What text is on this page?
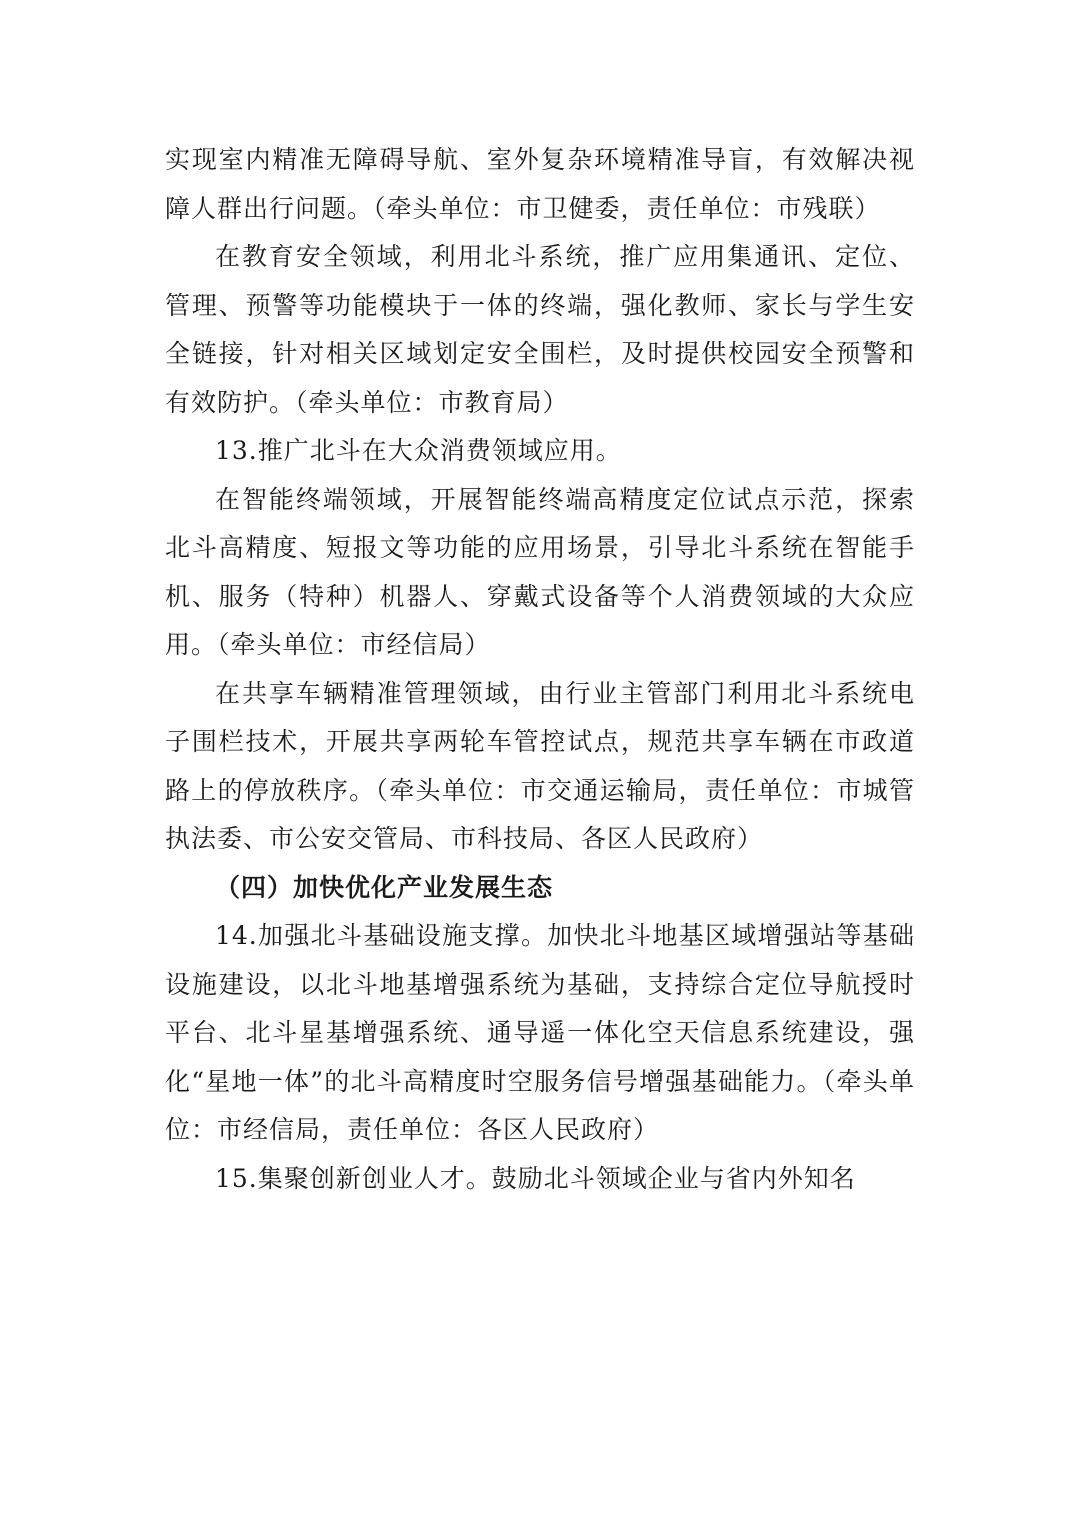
实现室内精准无障碍导航、室外复杂环境精准导盲，有效解决视障人群出行问题。（牵头单位：市卫健委，责任单位：市残联）

在教育安全领域，利用北斗系统，推广应用集通讯、定位、管理、预警等功能模块于一体的终端，强化教师、家长与学生安全链接，针对相关区域划定安全围栏，及时提供校园安全预警和有效防护。（牵头单位：市教育局）

13.推广北斗在大众消费领域应用。

在智能终端领域，开展智能终端高精度定位试点示范，探索北斗高精度、短报文等功能的应用场景，引导北斗系统在智能手机、服务（特种）机器人、穿戴式设备等个人消费领域的大众应用。（牵头单位：市经信局）

在共享车辆精准管理领域，由行业主管部门利用北斗系统电子围栏技术，开展共享两轮车管控试点，规范共享车辆在市政道路上的停放秩序。（牵头单位：市交通运输局，责任单位：市城管执法委、市公安交管局、市科技局、各区人民政府）

（四）加快优化产业发展生态

14.加强北斗基础设施支撑。加快北斗地基区域增强站等基础设施建设，以北斗地基增强系统为基础，支持综合定位导航授时平台、北斗星基增强系统、通导遥一体化空天信息系统建设，强化“星地一体”的北斗高精度时空服务信号增强基础能力。（牵头单位：市经信局，责任单位：各区人民政府）

15.集聚创新创业人才。鼓励北斗领域企业与省内外知名
